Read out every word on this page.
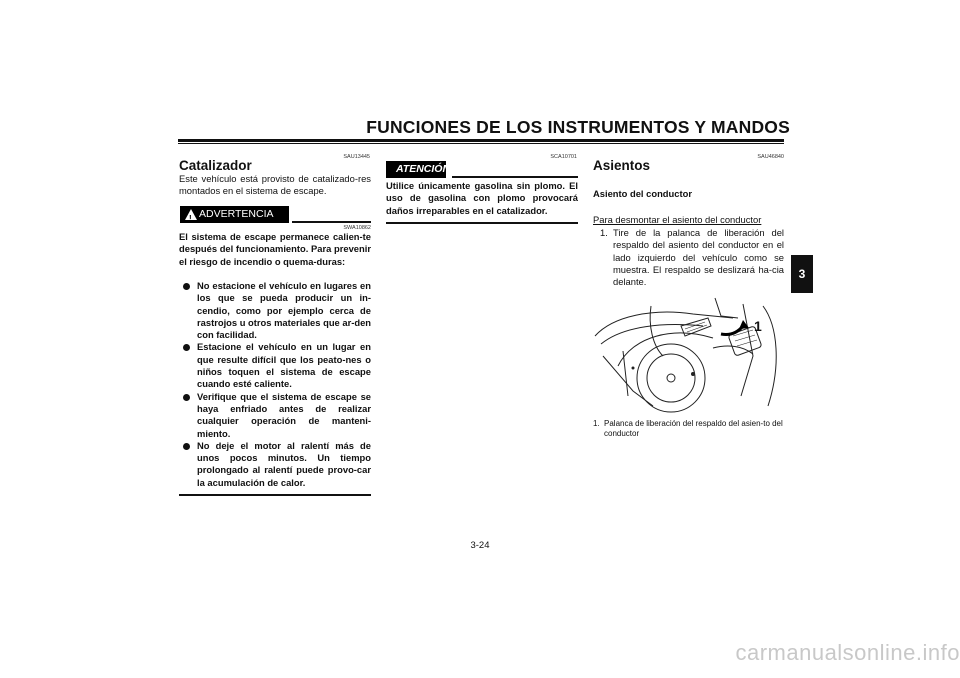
FUNCIONES DE LOS INSTRUMENTOS Y MANDOS
3
SAU13445
Catalizador
Este vehículo está provisto de catalizado-res montados en el sistema de escape.
!
ADVERTENCIA
SWA10862
El sistema de escape permanece calien-te después del funcionamiento. Para prevenir el riesgo de incendio o quema-duras:
No estacione el vehículo en lugares en los que se pueda producir un in-cendio, como por ejemplo cerca de rastrojos u otros materiales que ar-den con facilidad.
Estacione el vehículo en un lugar en que resulte difícil que los peato-nes o niños toquen el sistema de escape cuando esté caliente.
Verifique que el sistema de escape se haya enfriado antes de realizar cualquier operación de manteni-miento.
No deje el motor al ralentí más de unos pocos minutos. Un tiempo prolongado al ralentí puede provo-car la acumulación de calor.
SCA10701
ATENCIÓN
Utilice únicamente gasolina sin plomo. El uso de gasolina con plomo provocará daños irreparables en el catalizador.
SAU46840
Asientos
Asiento del conductor
Para desmontar el asiento del conductor
1. Tire de la palanca de liberación del respaldo del asiento del conductor en el lado izquierdo del vehículo como se muestra. El respaldo se deslizará ha-cia delante.
1
1. Palanca de liberación del respaldo del asien-to del conductor
3-24
carmanualsonline.info
